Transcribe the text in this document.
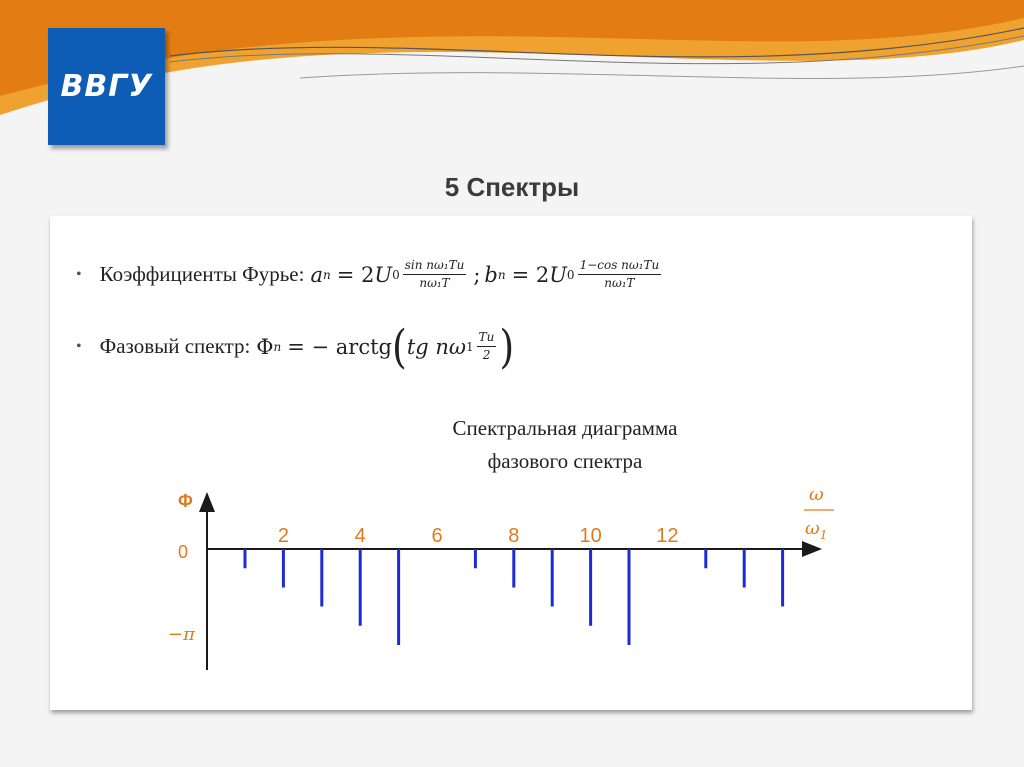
ВВГУ
5 Спектры
• Коэффициенты Фурье: a n = 2 U $0 \frac{\text{sin nω₁Tи}}{\text{nω₁T}}$ ; b n = 2 U $0 \frac{\text{1−cos nω₁Tи}}{\text{nω₁T}}$
• Фазовый спектр: Φ n = − arctg ( tg nω $1 \frac{Tи}{2}$ )
Спектральная диаграмма
фазового спектра
2	4	6	8	10	12
Φ
0
−π
ω
$\omega_1$
